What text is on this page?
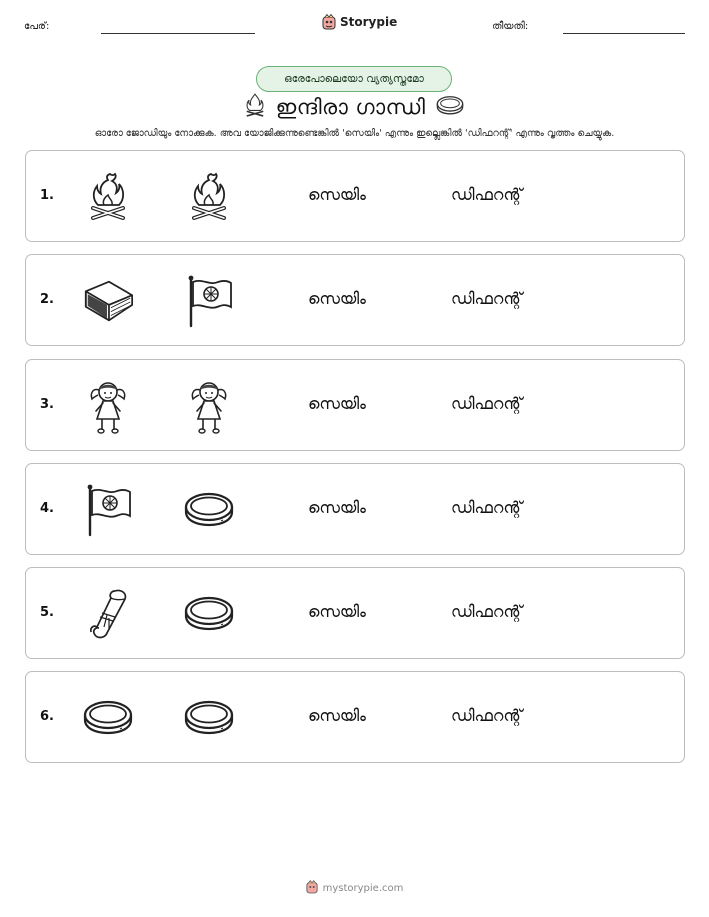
പേര്:	Storypie	തീയതി:
ഒരേപോലെയോ വ്യത്യസ്തമോ
ഇന്ദിരാ ഗാന്ധി
ഓരോ ജോഡിയും നോക്കുക. അവ യോജിക്കുന്നുണ്ടെങ്കിൽ 'സെയിം' എന്നും ഇല്ലെങ്കിൽ 'ഡിഫറന്റ്' എന്നും വൃത്തം ചെയ്യുക.
1.	സെയിം	ഡിഫറന്റ്
2.	സെയിം	ഡിഫറന്റ്
3.	സെയിം	ഡിഫറന്റ്
4.	സെയിം	ഡിഫറന്റ്
5.	സെയിം	ഡിഫറന്റ്
6.	സെയിം	ഡിഫറന്റ്
mystorypie.com
